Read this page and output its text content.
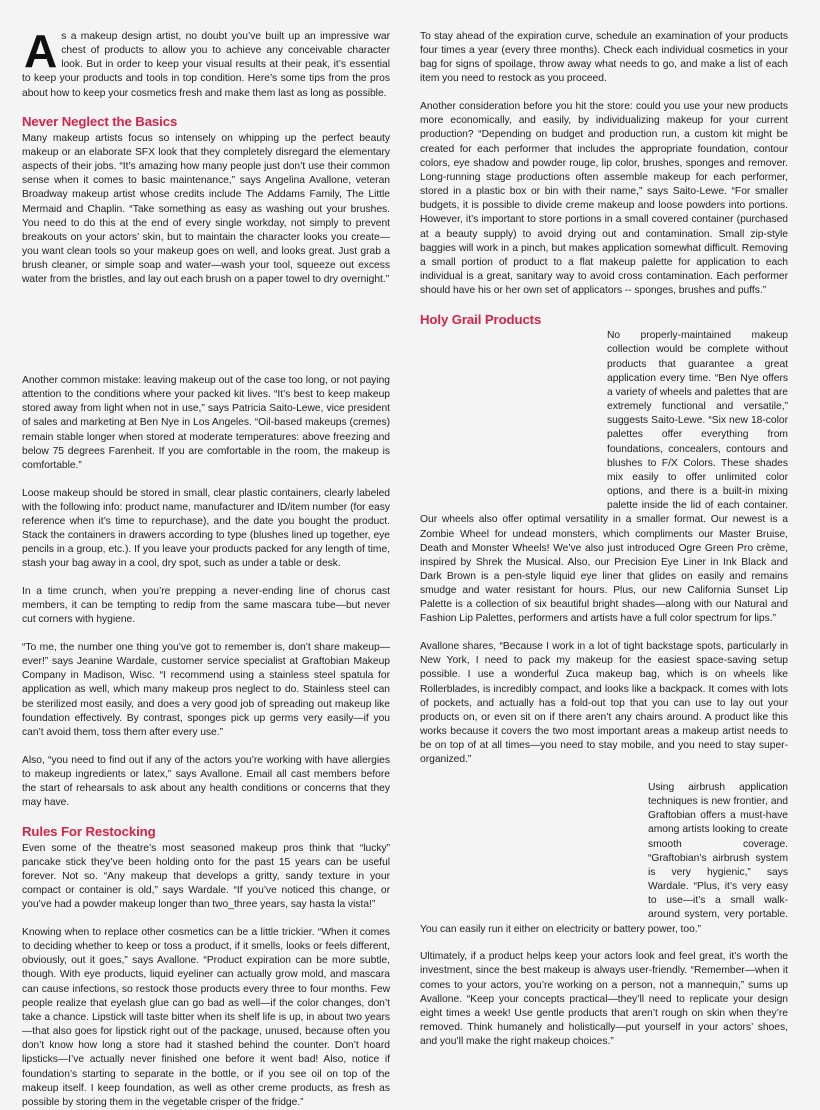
As a makeup design artist, no doubt you’ve built up an impressive war chest of products to allow you to achieve any conceivable character look. But in order to keep your visual results at their peak, it’s essential to keep your products and tools in top condition. Here’s some tips from the pros about how to keep your cosmetics fresh and make them last as long as possible.

Never Neglect the Basics

Many makeup artists focus so intensely on whipping up the perfect beauty makeup or an elaborate SFX look that they completely disregard the elementary aspects of their jobs. “It’s amazing how many people just don’t use their common sense when it comes to basic maintenance,” says Angelina Avallone, veteran Broadway makeup artist whose credits include The Addams Family, The Little Mermaid and Chaplin. “Take something as easy as washing out your brushes. You need to do this at the end of every single workday, not simply to prevent breakouts on your actors’ skin, but to maintain the character looks you create—you want clean tools so your makeup goes on well, and looks great. Just grab a brush cleaner, or simple soap and water—wash your tool, squeeze out excess water from the bristles, and lay out each brush on a paper towel to dry overnight.”

Another common mistake: leaving makeup out of the case too long, or not paying attention to the conditions where your packed kit lives. “It’s best to keep makeup stored away from light when not in use,” says Patricia Saito-Lewe, vice president of sales and marketing at Ben Nye in Los Angeles. “Oil-based makeups (cremes) remain stable longer when stored at moderate temperatures: above freezing and below 75 degrees Farenheit. If you are comfortable in the room, the makeup is comfortable.”

Loose makeup should be stored in small, clear plastic containers, clearly labeled with the following info: product name, manufacturer and ID/item number (for easy reference when it’s time to repurchase), and the date you bought the product. Stack the containers in drawers according to type (blushes lined up together, eye pencils in a group, etc.). If you leave your products packed for any length of time, stash your bag away in a cool, dry spot, such as under a table or desk.

In a time crunch, when you’re prepping a never-ending line of chorus cast members, it can be tempting to redip from the same mascara tube—but never cut corners with hygiene.

“To me, the number one thing you’ve got to remember is, don’t share makeup—ever!” says Jeanine Wardale, customer service specialist at Graftobian Makeup Company in Madison, Wisc. “I recommend using a stainless steel spatula for application as well, which many makeup pros neglect to do. Stainless steel can be sterilized most easily, and does a very good job of spreading out makeup like foundation effectively. By contrast, sponges pick up germs very easily—if you can’t avoid them, toss them after every use.”

Also, “you need to find out if any of the actors you’re working with have allergies to makeup ingredients or latex,” says Avallone. Email all cast members before the start of rehearsals to ask about any health conditions or concerns that they may have.

Rules For Restocking

Even some of the theatre’s most seasoned makeup pros think that “lucky” pancake stick they’ve been holding onto for the past 15 years can be useful forever. Not so. “Any makeup that develops a gritty, sandy texture in your compact or container is old,” says Wardale. “If you’ve noticed this change, or you’ve had a powder makeup longer than two_three years, say hasta la vista!”

Knowing when to replace other cosmetics can be a little trickier. “When it comes to deciding whether to keep or toss a product, if it smells, looks or feels different, obviously, out it goes,” says Avallone. “Product expiration can be more subtle, though. With eye products, liquid eyeliner can actually grow mold, and mascara can cause infections, so restock those products every three to four months. Few people realize that eyelash glue can go bad as well—if the color changes, don’t take a chance. Lipstick will taste bitter when its shelf life is up, in about two years—that also goes for lipstick right out of the package, unused, because often you don’t know how long a store had it stashed behind the counter. Don’t hoard lipsticks—I’ve actually never finished one before it went bad! Also, notice if foundation’s starting to separate in the bottle, or if you see oil on top of the makeup itself. I keep foundation, as well as other creme products, as fresh as possible by storing them in the vegetable crisper of the fridge.”

To stay ahead of the expiration curve, schedule an examination of your products four times a year (every three months). Check each individual cosmetics in your bag for signs of spoilage, throw away what needs to go, and make a list of each item you need to restock as you proceed.

Another consideration before you hit the store: could you use your new products more economically, and easily, by individualizing makeup for your current production? “Depending on budget and production run, a custom kit might be created for each performer that includes the appropriate foundation, contour colors, eye shadow and powder rouge, lip color, brushes, sponges and remover. Long-running stage productions often assemble makeup for each performer, stored in a plastic box or bin with their name,” says Saito-Lewe. “For smaller budgets, it is possible to divide creme makeup and loose powders into portions. However, it’s important to store portions in a small covered container (purchased at a beauty supply) to avoid drying out and contamination. Small zip-style baggies will work in a pinch, but makes application somewhat difficult. Removing a small portion of product to a flat makeup palette for application to each individual is a great, sanitary way to avoid cross contamination. Each performer should have his or her own set of applicators -- sponges, brushes and puffs.”

Holy Grail Products

No properly-maintained makeup collection would be complete without products that guarantee a great application every time. “Ben Nye offers a variety of wheels and palettes that are extremely functional and versatile,” suggests Saito-Lewe. “Six new 18-color palettes offer everything from foundations, concealers, contours and blushes to F/X Colors. These shades mix easily to offer unlimited color options, and there is a built-in mixing palette inside the lid of each container. Our wheels also offer optimal versatility in a smaller format. Our newest is a Zombie Wheel for undead monsters, which compliments our Master Bruise, Death and Monster Wheels! We’ve also just introduced Ogre Green Pro crème, inspired by Shrek the Musical. Also, our Precision Eye Liner in Ink Black and Dark Brown is a pen-style liquid eye liner that glides on easily and remains smudge and water resistant for hours. Plus, our new California Sunset Lip Palette is a collection of six beautiful bright shades—along with our Natural and Fashion Lip Palettes, performers and artists have a full color spectrum for lips.”

Avallone shares, “Because I work in a lot of tight backstage spots, particularly in New York, I need to pack my makeup for the easiest space-saving setup possible. I use a wonderful Zuca makeup bag, which is on wheels like Rollerblades, is incredibly compact, and looks like a backpack. It comes with lots of pockets, and actually has a fold-out top that you can use to lay out your products on, or even sit on if there aren’t any chairs around. A product like this works because it covers the two most important areas a makeup artist needs to be on top of at all times—you need to stay mobile, and you need to stay super-organized.”

Using airbrush application techniques is new frontier, and Graftobian offers a must-have among artists looking to create smooth coverage. “Graftobian’s airbrush system is very hygienic,” says Wardale. “Plus, it’s very easy to use—it’s a small walk-around system, very portable. You can easily run it either on electricity or battery power, too.”

Ultimately, if a product helps keep your actors look and feel great, it’s worth the investment, since the best makeup is always user-friendly. “Remember—when it comes to your actors, you’re working on a person, not a mannequin,” sums up Avallone. “Keep your concepts practical—they’ll need to replicate your design eight times a week! Use gentle products that aren’t rough on skin when they’re removed. Think humanely and holistically—put yourself in your actors’ shoes, and you’ll make the right makeup choices.”
